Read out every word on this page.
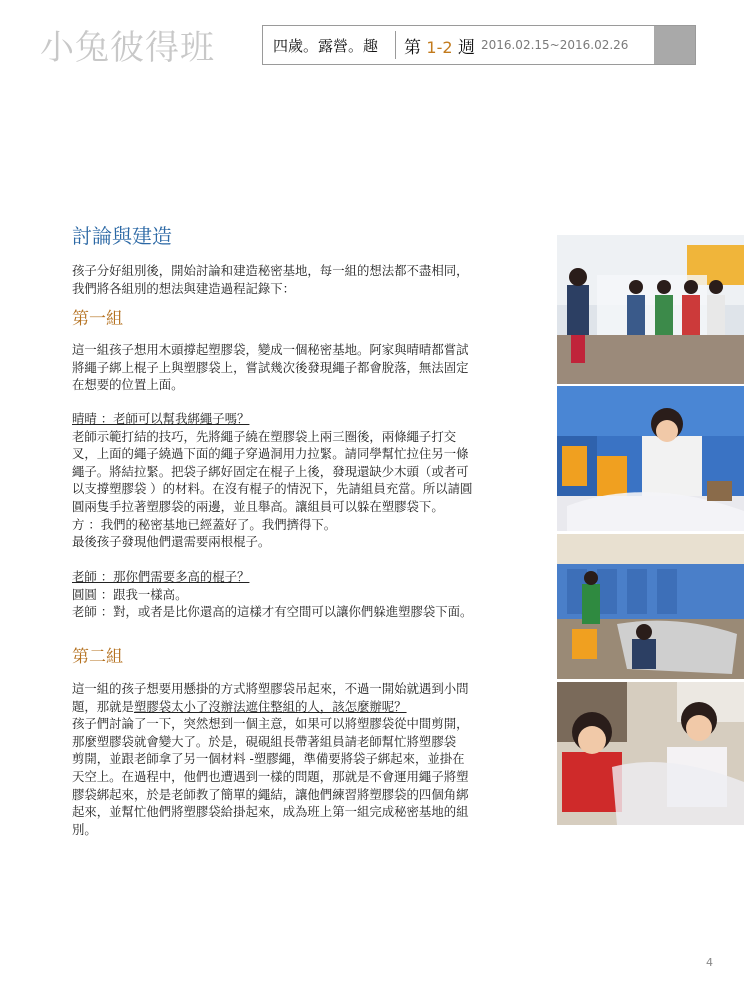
小兔彼得班	四歲。露營。趣	第 1-2 週 2016.02.15~2016.02.26

討論與建造

孩子分好組別後，開始討論和建造秘密基地，每一組的想法都不盡相同，

我們將各組別的想法與建造過程記錄下：

第一組

這一組孩子想用木頭撐起塑膠袋，變成一個秘密基地。阿家與晴晴都嘗試

將繩子綁上棍子上與塑膠袋上，嘗試幾次後發現繩子都會脫落，無法固定

在想要的位置上面。

晴晴 ：老師可以幫我綁繩子嗎？

老師示範打結的技巧，先將繩子繞在塑膠袋上兩三圈後，兩條繩子打交

叉，上面的繩子繞過下面的繩子穿過洞用力拉緊。請同學幫忙拉住另一條

繩子。將結拉緊。把袋子綁好固定在棍子上後，發現還缺少木頭（或者可

以支撐塑膠袋 ）的材料。在沒有棍子的情況下，先請組員充當。所以請圓

圓兩隻手拉著塑膠袋的兩邊，並且舉高。讓組員可以躲在塑膠袋下。

方 ：我們的秘密基地已經蓋好了。我們擠得下。

最後孩子發現他們還需要兩根棍子。

老師 ：那你們需要多高的棍子？

圓圓 ：跟我一樣高。

老師 ：對，或者是比你還高的這樣才有空間可以讓你們躲進塑膠袋下面。

第二組

這一組的孩子想要用懸掛的方式將塑膠袋吊起來，不過一開始就遇到小問

題，那就是塑膠袋太小了沒辦法遮住整組的人，該怎麼辦呢？

孩子們討論了一下，突然想到一個主意，如果可以將塑膠袋從中間剪開，

那麼塑膠袋就會變大了。於是，硯硯組長帶著組員請老師幫忙將塑膠袋

剪開，並跟老師拿了另一個材料 -塑膠繩，準備要將袋子綁起來，並掛在

天空上。在過程中，他們也遭遇到一樣的問題，那就是不會運用繩子將塑

膠袋綁起來，於是老師教了簡單的繩結，讓他們練習將塑膠袋的四個角綁

起來，並幫忙他們將塑膠袋給掛起來，成為班上第一組完成秘密基地的組

別。

4
